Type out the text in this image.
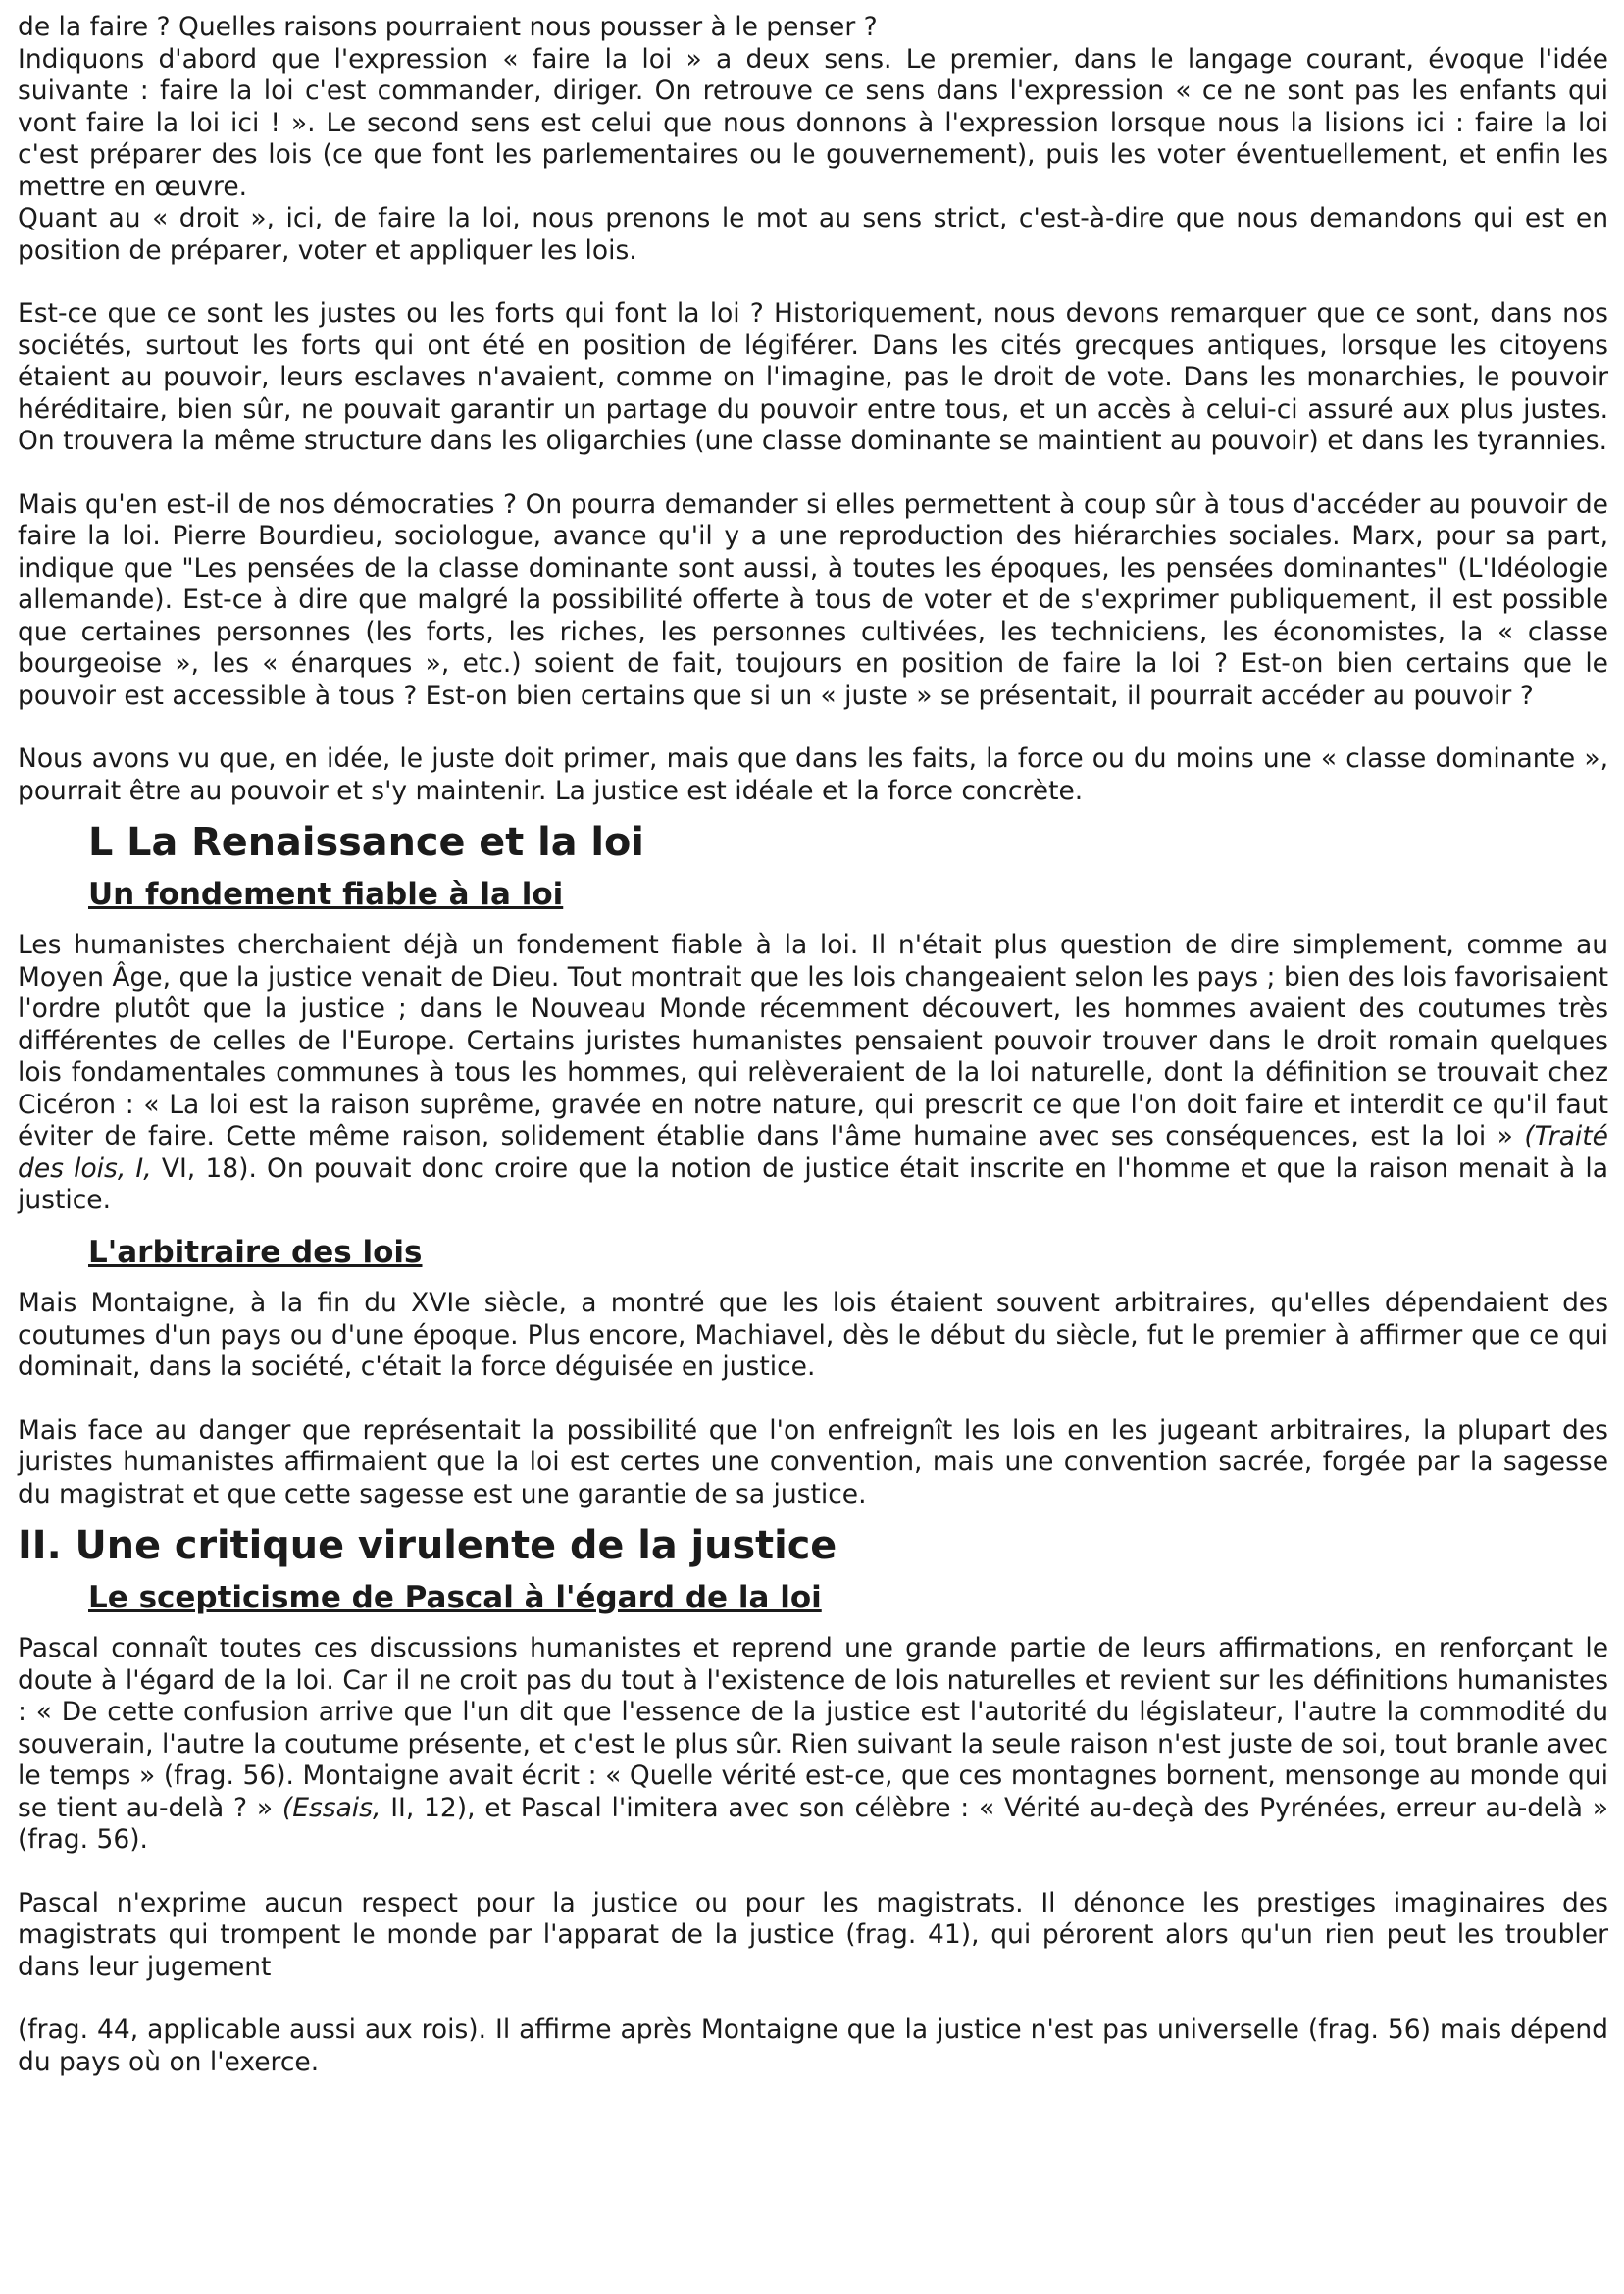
de la faire ? Quelles raisons pourraient nous pousser à le penser ?

Indiquons d'abord que l'expression « faire la loi » a deux sens. Le premier, dans le langage courant, évoque l'idée suivante : faire la loi c'est commander, diriger. On retrouve ce sens dans l'expression « ce ne sont pas les enfants qui vont faire la loi ici ! ». Le second sens est celui que nous donnons à l'expression lorsque nous la lisions ici : faire la loi c'est préparer des lois (ce que font les parlementaires ou le gouvernement), puis les voter éventuellement, et enfin les mettre en œuvre.

Quant au « droit », ici, de faire la loi, nous prenons le mot au sens strict, c'est-à-dire que nous demandons qui est en position de préparer, voter et appliquer les lois.

Est-ce que ce sont les justes ou les forts qui font la loi ? Historiquement, nous devons remarquer que ce sont, dans nos sociétés, surtout les forts qui ont été en position de légiférer. Dans les cités grecques antiques, lorsque les citoyens étaient au pouvoir, leurs esclaves n'avaient, comme on l'imagine, pas le droit de vote. Dans les monarchies, le pouvoir héréditaire, bien sûr, ne pouvait garantir un partage du pouvoir entre tous, et un accès à celui-ci assuré aux plus justes. On trouvera la même structure dans les oligarchies (une classe dominante se maintient au pouvoir) et dans les tyrannies.

Mais qu'en est-il de nos démocraties ? On pourra demander si elles permettent à coup sûr à tous d'accéder au pouvoir de faire la loi. Pierre Bourdieu, sociologue, avance qu'il y a une reproduction des hiérarchies sociales. Marx, pour sa part, indique que "Les pensées de la classe dominante sont aussi, à toutes les époques, les pensées dominantes" (L'Idéologie allemande). Est-ce à dire que malgré la possibilité offerte à tous de voter et de s'exprimer publiquement, il est possible que certaines personnes (les forts, les riches, les personnes cultivées, les techniciens, les économistes, la « classe bourgeoise », les « énarques », etc.) soient de fait, toujours en position de faire la loi ? Est-on bien certains que le pouvoir est accessible à tous ? Est-on bien certains que si un « juste » se présentait, il pourrait accéder au pouvoir ?

Nous avons vu que, en idée, le juste doit primer, mais que dans les faits, la force ou du moins une « classe dominante », pourrait être au pouvoir et s'y maintenir. La justice est idéale et la force concrète.

L La Renaissance et la loi
Un fondement fiable à la loi

Les humanistes cherchaient déjà un fondement fiable à la loi. Il n'était plus question de dire simplement, comme au Moyen Âge, que la justice venait de Dieu. Tout montrait que les lois changeaient selon les pays ; bien des lois favorisaient l'ordre plutôt que la justice ; dans le Nouveau Monde récemment découvert, les hommes avaient des coutumes très différentes de celles de l'Europe. Certains juristes humanistes pensaient pouvoir trouver dans le droit romain quelques lois fondamentales communes à tous les hommes, qui relèveraient de la loi naturelle, dont la définition se trouvait chez Cicéron : « La loi est la raison suprême, gravée en notre nature, qui prescrit ce que l'on doit faire et interdit ce qu'il faut éviter de faire. Cette même raison, solidement établie dans l'âme humaine avec ses conséquences, est la loi » (Traité des lois, I, VI, 18). On pouvait donc croire que la notion de justice était inscrite en l'homme et que la raison menait à la justice.

L'arbitraire des lois

Mais Montaigne, à la fin du XVIe siècle, a montré que les lois étaient souvent arbitraires, qu'elles dépendaient des coutumes d'un pays ou d'une époque. Plus encore, Machiavel, dès le début du siècle, fut le premier à affirmer que ce qui dominait, dans la société, c'était la force déguisée en justice.

Mais face au danger que représentait la possibilité que l'on enfreignît les lois en les jugeant arbitraires, la plupart des juristes humanistes affirmaient que la loi est certes une convention, mais une convention sacrée, forgée par la sagesse du magistrat et que cette sagesse est une garantie de sa justice.

II. Une critique virulente de la justice
Le scepticisme de Pascal à l'égard de la loi

Pascal connaît toutes ces discussions humanistes et reprend une grande partie de leurs affirmations, en renforçant le doute à l'égard de la loi. Car il ne croit pas du tout à l'existence de lois naturelles et revient sur les définitions humanistes : « De cette confusion arrive que l'un dit que l'essence de la justice est l'autorité du législateur, l'autre la commodité du souverain, l'autre la coutume présente, et c'est le plus sûr. Rien suivant la seule raison n'est juste de soi, tout branle avec le temps » (frag. 56). Montaigne avait écrit : « Quelle vérité est-ce, que ces montagnes bornent, mensonge au monde qui se tient au-delà ? » (Essais, II, 12), et Pascal l'imitera avec son célèbre : « Vérité au-deçà des Pyrénées, erreur au-delà » (frag. 56).

Pascal n'exprime aucun respect pour la justice ou pour les magistrats. Il dénonce les prestiges imaginaires des magistrats qui trompent le monde par l'apparat de la justice (frag. 41), qui pérorent alors qu'un rien peut les troubler dans leur jugement

(frag. 44, applicable aussi aux rois). Il affirme après Montaigne que la justice n'est pas universelle (frag. 56) mais dépend du pays où on l'exerce.
